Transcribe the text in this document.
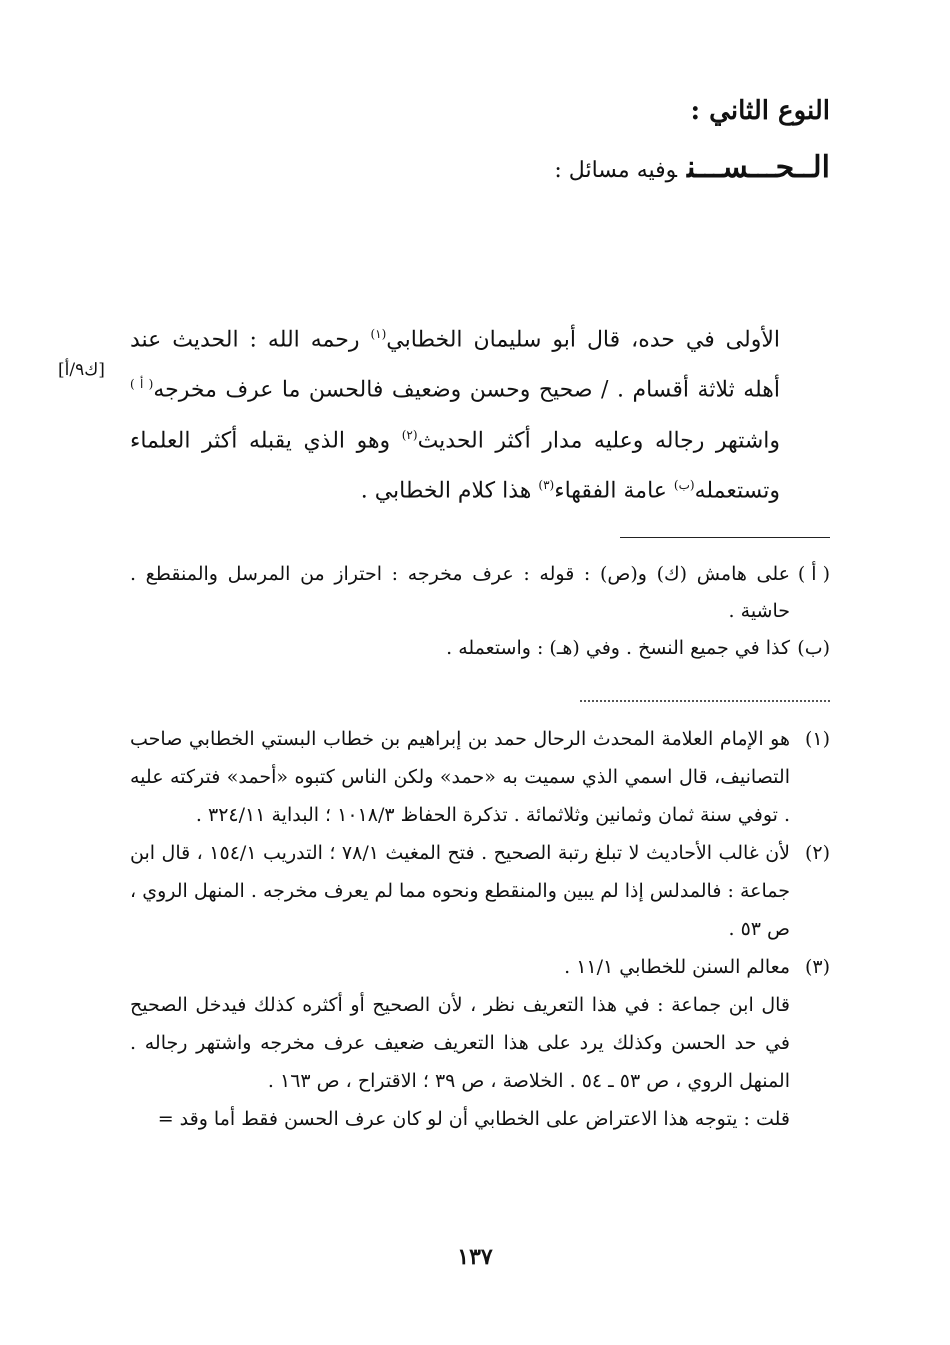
النوع الثاني :
الــحـــســـنوفيه مسائل :

الأولى في حده، قال أبو سليمان الخطابي$^{(١)}$ رحمه الله : الحديث عند أهله ثلاثة أقسام . / صحيح وحسن وضعيف فالحسن ما عرف مخرجه$^{( أ )}$ واشتهر رجاله وعليه مدار أكثر الحديث$^{(٢)}$ وهو الذي يقبله أكثر العلماء وتستعمله$^{(ب)}$ عامة الفقهاء$^{(٣)}$ هذا كلام الخطابي .

[ك٩/أ]
( أ )
على هامش (ك) و(ص) : قوله : عرف مخرجه : احتراز من المرسل والمنقطع . حاشية .
(ب)
كذا في جميع النسخ . وفي (هـ) : واستعمله .
(١)
هو الإمام العلامة المحدث الرحال حمد بن إبراهيم بن خطاب البستي الخطابي صاحب التصانيف، قال اسمي الذي سميت به «حمد» ولكن الناس كتبوه «أحمد» فتركته عليه . توفي سنة ثمان وثمانين وثلاثمائة . تذكرة الحفاظ ١٠١٨/٣ ؛ البداية ٣٢٤/١١ .
(٢)
لأن غالب الأحاديث لا تبلغ رتبة الصحيح . فتح المغيث ٧٨/١ ؛ التدريب ١٥٤/١ ، قال ابن جماعة : فالمدلس إذا لم يبين والمنقطع ونحوه مما لم يعرف مخرجه . المنهل الروي ، ص ٥٣ .
(٣)
معالم السنن للخطابي ١١/١ .
قال ابن جماعة : في هذا التعريف نظر ، لأن الصحيح أو أكثره كذلك فيدخل الصحيح في حد الحسن وكذلك يرد على هذا التعريف ضعيف عرف مخرجه واشتهر رجاله . المنهل الروي ، ص ٥٣ ـ ٥٤ . الخلاصة ، ص ٣٩ ؛ الاقتراح ، ص ١٦٣ .
قلت : يتوجه هذا الاعتراض على الخطابي أن لو كان عرف الحسن فقط أما وقد =
١٣٧
